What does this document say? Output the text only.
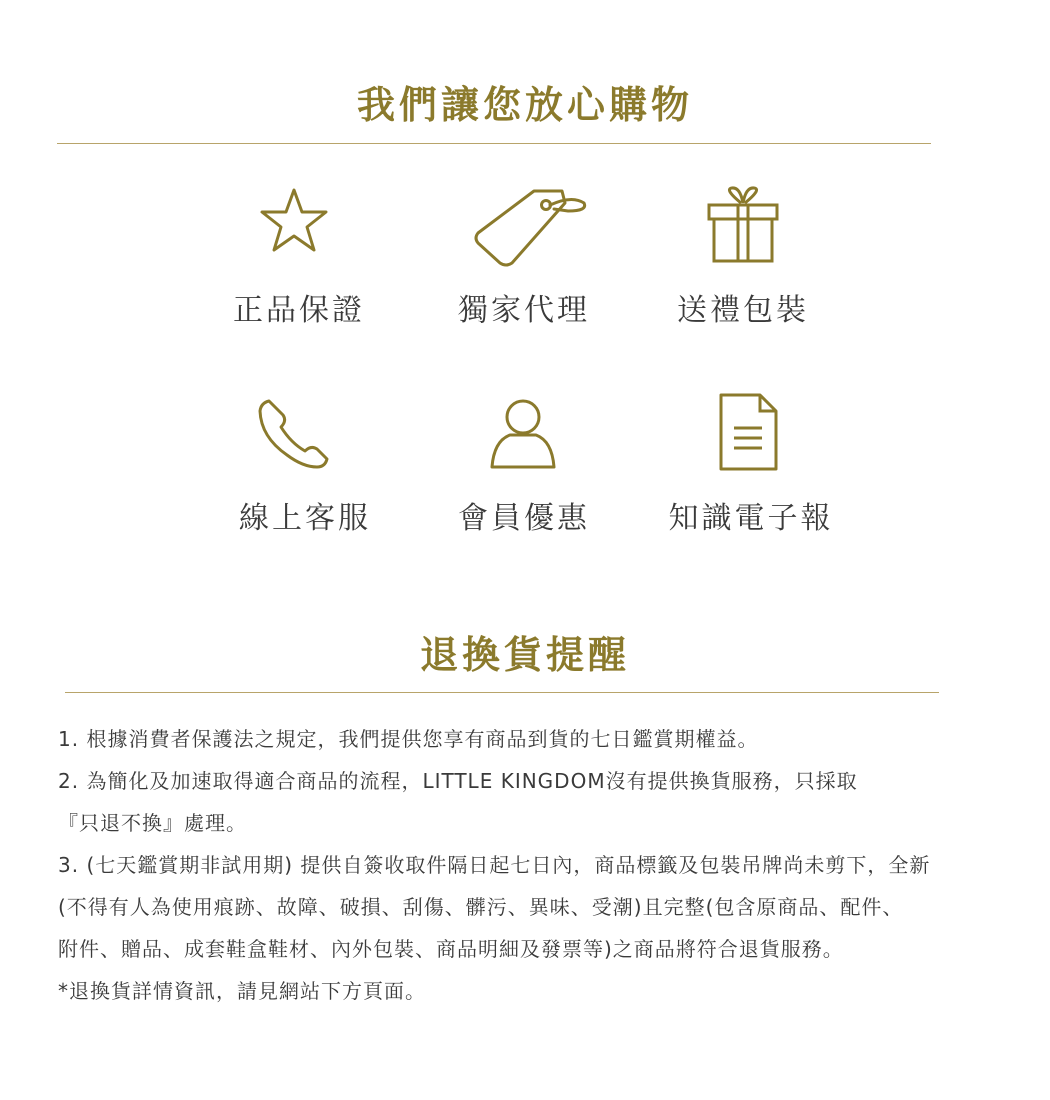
我們讓您放心購物
正品保證	獨家代理	送禮包裝
線上客服	會員優惠	知識電子報
退換貨提醒

1. 根據消費者保護法之規定，我們提供您享有商品到貨的七日鑑賞期權益。

2. 為簡化及加速取得適合商品的流程，LITTLE KINGDOM沒有提供換貨服務，只採取

『只退不換』處理。

3. (七天鑑賞期非試用期) 提供自簽收取件隔日起七日內，商品標籤及包裝吊牌尚未剪下，全新

(不得有人為使用痕跡、故障、破損、刮傷、髒污、異味、受潮)且完整(包含原商品、配件、

附件、贈品、成套鞋盒鞋材、內外包裝、商品明細及發票等)之商品將符合退貨服務。

*退換貨詳情資訊，請見網站下方頁面。
